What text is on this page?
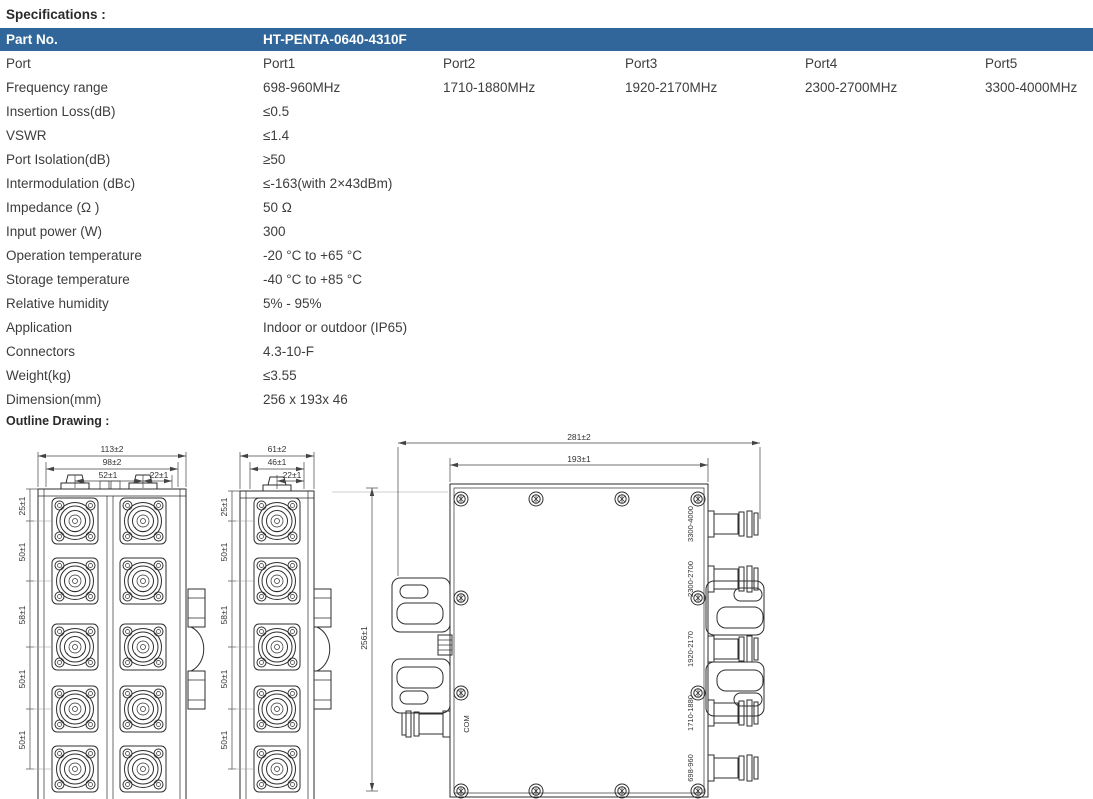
Specifications :
Part No.	HT-PENTA-0640-4310F
Port	Port1	Port2	Port3	Port4	Port5
Frequency range	698-960MHz	1710-1880MHz	1920-2170MHz	2300-2700MHz	3300-4000MHz
Insertion Loss(dB)	≤0.5
VSWR	≤1.4
Port Isolation(dB)	≥50
Intermodulation (dBc)	≤-163(with 2×43dBm)
Impedance (Ω )	50 Ω
Input power (W)	300
Operation temperature	-20 °C to +65 °C
Storage temperature	-40 °C to +85 °C
Relative humidity	5% - 95%
Application	Indoor or outdoor (IP65)
Connectors	4.3-10-F
Weight(kg)	≤3.55
Dimension(mm)	256 x 193x 46
Outline Drawing :
113±2
98±2
52±1	22±1
25±1
50±1
58±1
50±1
50±1
61±2
46±1
22±1
25±1
50±1
58±1
50±1
50±1
3300-4000
2300-2700
1920-2170
1710-1880
698-960
COM
281±2
193±1
256±1
